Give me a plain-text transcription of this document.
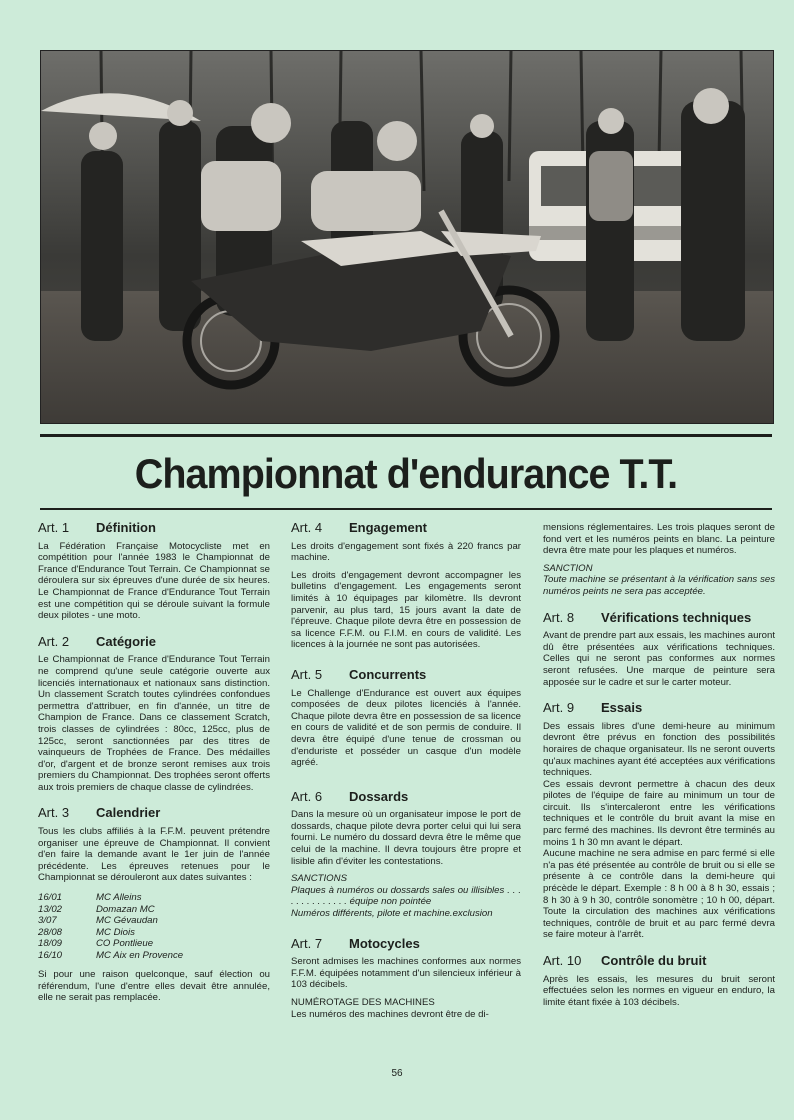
Championnat d'endurance T.T.
Art. 1	Définition

La Fédération Française Motocycliste met en compétition pour l'année 1983 le Championnat de France d'Endurance Tout Terrain. Ce Championnat se déroulera sur six épreuves d'une durée de six heures. Le Championnat de France d'Endurance Tout Terrain est une compétition qui se déroule suivant la formule deux pilotes - une moto.

Art. 2	Catégorie

Le Championnat de France d'Endurance Tout Terrain ne comprend qu'une seule catégorie ouverte aux licenciés internationaux et nationaux sans distinction. Un classement Scratch toutes cylindrées confondues permettra d'attribuer, en fin d'année, un titre de Champion de France. Dans ce classement Scratch, trois classes de cylindrées : 80cc, 125cc, plus de 125cc, seront sanctionnées par des titres de vainqueurs de Trophées de France. Des médailles d'or, d'argent et de bronze seront remises aux trois premiers du Championnat. Des trophées seront offerts aux trois premiers de chaque classe de cylindrées.

Art. 3	Calendrier

Tous les clubs affiliés à la F.F.M. peuvent prétendre organiser une épreuve de Championnat. Il convient d'en faire la demande avant le 1er juin de l'année précédente. Les épreuves retenues pour le Championnat se dérouleront aux dates suivantes :

16/01	MC Alleins
13/02	Domazan MC
3/07	MC Gévaudan
28/08	MC Diois
18/09	CO Pontlieue
16/10	MC Aix en Provence

Si pour une raison quelconque, sauf élection ou référendum, l'une d'entre elles devait être annulée, elle ne serait pas remplacée.

Art. 4	Engagement

Les droits d'engagement sont fixés à 220 francs par machine.

Les droits d'engagement devront accompagner les bulletins d'engagement. Les engagements seront limités à 10 équipages par kilomètre. Ils devront parvenir, au plus tard, 15 jours avant la date de l'épreuve. Chaque pilote devra être en possession de sa licence F.F.M. ou F.I.M. en cours de validité. Les licences à la journée ne sont pas autorisées.

Art. 5	Concurrents

Le Challenge d'Endurance est ouvert aux équipes composées de deux pilotes licenciés à l'année. Chaque pilote devra être en possession de sa licence en cours de validité et de son permis de conduire. Il devra être équipé d'une tenue de crossman ou d'enduriste et posséder un casque d'un modèle agréé.

Art. 6	Dossards

Dans la mesure où un organisateur impose le port de dossards, chaque pilote devra porter celui qui lui sera fourni. Le numéro du dossard devra être le même que celui de la machine. Il devra toujours être propre et lisible afin d'éviter les contestations.

SANCTIONS

Plaques à numéros ou dossards sales ou illisibles . . . . . . . . . . . . . . équipe non pointée

Numéros différents, pilote et machine.exclusion

Art. 7	Motocycles

Seront admises les machines conformes aux normes F.F.M. équipées notamment d'un silencieux inférieur à 103 décibels.

NUMÉROTAGE DES MACHINES

Les numéros des machines devront être de di-

mensions réglementaires. Les trois plaques seront de fond vert et les numéros peints en blanc. La peinture devra être mate pour les plaques et numéros.

SANCTION

Toute machine se présentant à la vérification sans ses numéros peints ne sera pas acceptée.

Art. 8	Vérifications techniques

Avant de prendre part aux essais, les machines auront dû être présentées aux vérifications techniques. Celles qui ne seront pas conformes aux normes seront refusées. Une marque de peinture sera apposée sur le cadre et sur le carter moteur.

Art. 9	Essais

Des essais libres d'une demi-heure au minimum devront être prévus en fonction des possibilités horaires de chaque organisateur. Ils ne seront ouverts qu'aux machines ayant été acceptées aux vérifications techniques.

Ces essais devront permettre à chacun des deux pilotes de l'équipe de faire au minimum un tour de circuit. Ils s'intercaleront entre les vérifications techniques et le contrôle du bruit avant la mise en parc fermé des machines. Ils devront être terminés au moins 1 h 30 mn avant le départ.

Aucune machine ne sera admise en parc fermé si elle n'a pas été présentée au contrôle de bruit ou si elle se présente à ce contrôle dans la demi-heure qui précède le départ. Exemple : 8 h 00 à 8 h 30, essais ; 8 h 30 à 9 h 30, contrôle sonomètre ; 10 h 00, départ. Toute la circulation des machines aux vérifications techniques, contrôle de bruit et au parc fermé devra se faire moteur à l'arrêt.

Art. 10	Contrôle du bruit

Après les essais, les mesures du bruit seront effectuées selon les normes en vigueur en enduro, la limite étant fixée à 103 décibels.

56
